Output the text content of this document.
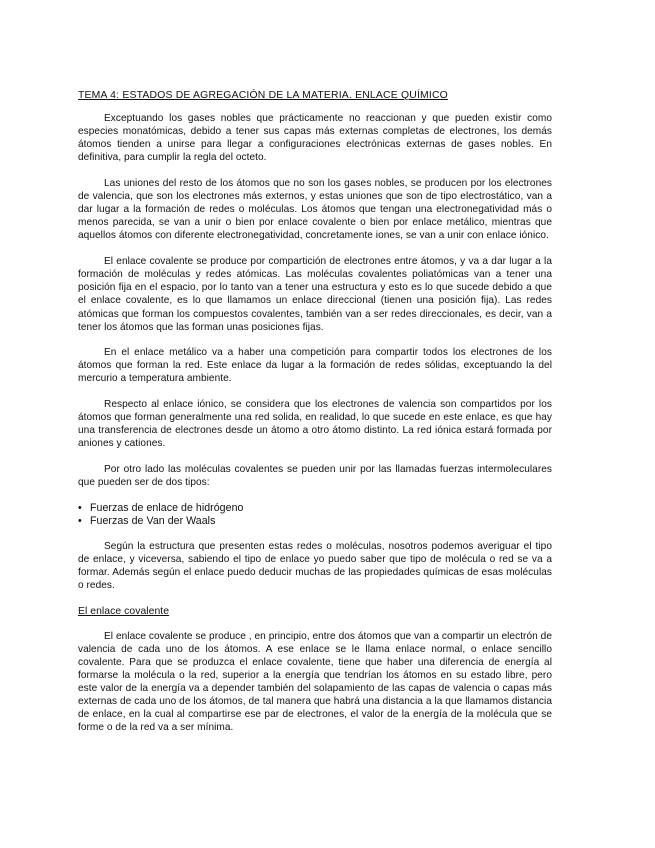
TEMA 4: ESTADOS DE AGREGACIÓN DE LA MATERIA. ENLACE QUÍMICO

Exceptuando los gases nobles que prácticamente no reaccionan y que pueden existir como especies monatómicas, debido a tener sus capas más externas completas de electrones, los demás átomos tienden a unirse para llegar a configuraciones electrónicas externas de gases nobles. En definitiva, para cumplir la regla del octeto.

Las uniones del resto de los átomos que no son los gases nobles, se producen por los electrones de valencia, que son los electrones más externos, y estas uniones que son de tipo electrostático, van a dar lugar a la formación de redes o moléculas. Los átomos que tengan una electronegatividad más o menos parecida, se van a unir o bien por enlace covalente o bien por enlace metálico, mientras que aquellos átomos con diferente electronegatividad, concretamente iones, se van a unir con enlace iónico.

El enlace covalente se produce por compartición de electrones entre átomos, y va a dar lugar a la formación de moléculas y redes atómicas. Las moléculas covalentes poliatómicas van a tener una posición fija en el espacio, por lo tanto van a tener una estructura y esto es lo que sucede debido a que el enlace covalente, es lo que llamamos un enlace direccional (tienen una posición fija). Las redes atómicas que forman los compuestos covalentes, también van a ser redes direccionales, es decir, van a tener los átomos que las forman unas posiciones fijas.

En el enlace metálico va a haber una competición para compartir todos los electrones de los átomos que forman la red. Este enlace da lugar a la formación de redes sólidas, exceptuando la del mercurio a temperatura ambiente.

Respecto al enlace iónico, se considera que los electrones de valencia son compartidos por los átomos que forman generalmente una red solida, en realidad, lo que sucede en este enlace, es que hay una transferencia de electrones desde un átomo a otro átomo distinto. La red iónica estará formada por aniones y cationes.

Por otro lado las moléculas covalentes se pueden unir por las llamadas fuerzas intermoleculares que pueden ser de dos tipos:

• Fuerzas de enlace de hidrógeno
• Fuerzas de Van der Waals

Según la estructura que presenten estas redes o moléculas, nosotros podemos averiguar el tipo de enlace, y viceversa, sabiendo el tipo de enlace yo puedo saber que tipo de molécula o red se va a formar. Además según el enlace puedo deducir muchas de las propiedades químicas de esas moléculas o redes.

El enlace covalente

El enlace covalente se produce , en principio, entre dos átomos que van a compartir un electrón de valencia de cada uno de los átomos. A ese enlace se le llama enlace normal, o enlace sencillo covalente. Para que se produzca el enlace covalente, tiene que haber una diferencia de energía al formarse la molécula o la red, superior a la energía que tendrían los átomos en su estado libre, pero este valor de la energía va a depender también del solapamiento de las capas de valencia o capas más externas de cada uno de los átomos, de tal manera que habrá una distancia a la que llamamos distancia de enlace, en la cual al compartirse ese par de electrones, el valor de la energía de la molécula que se forme o de la red va a ser mínima.
